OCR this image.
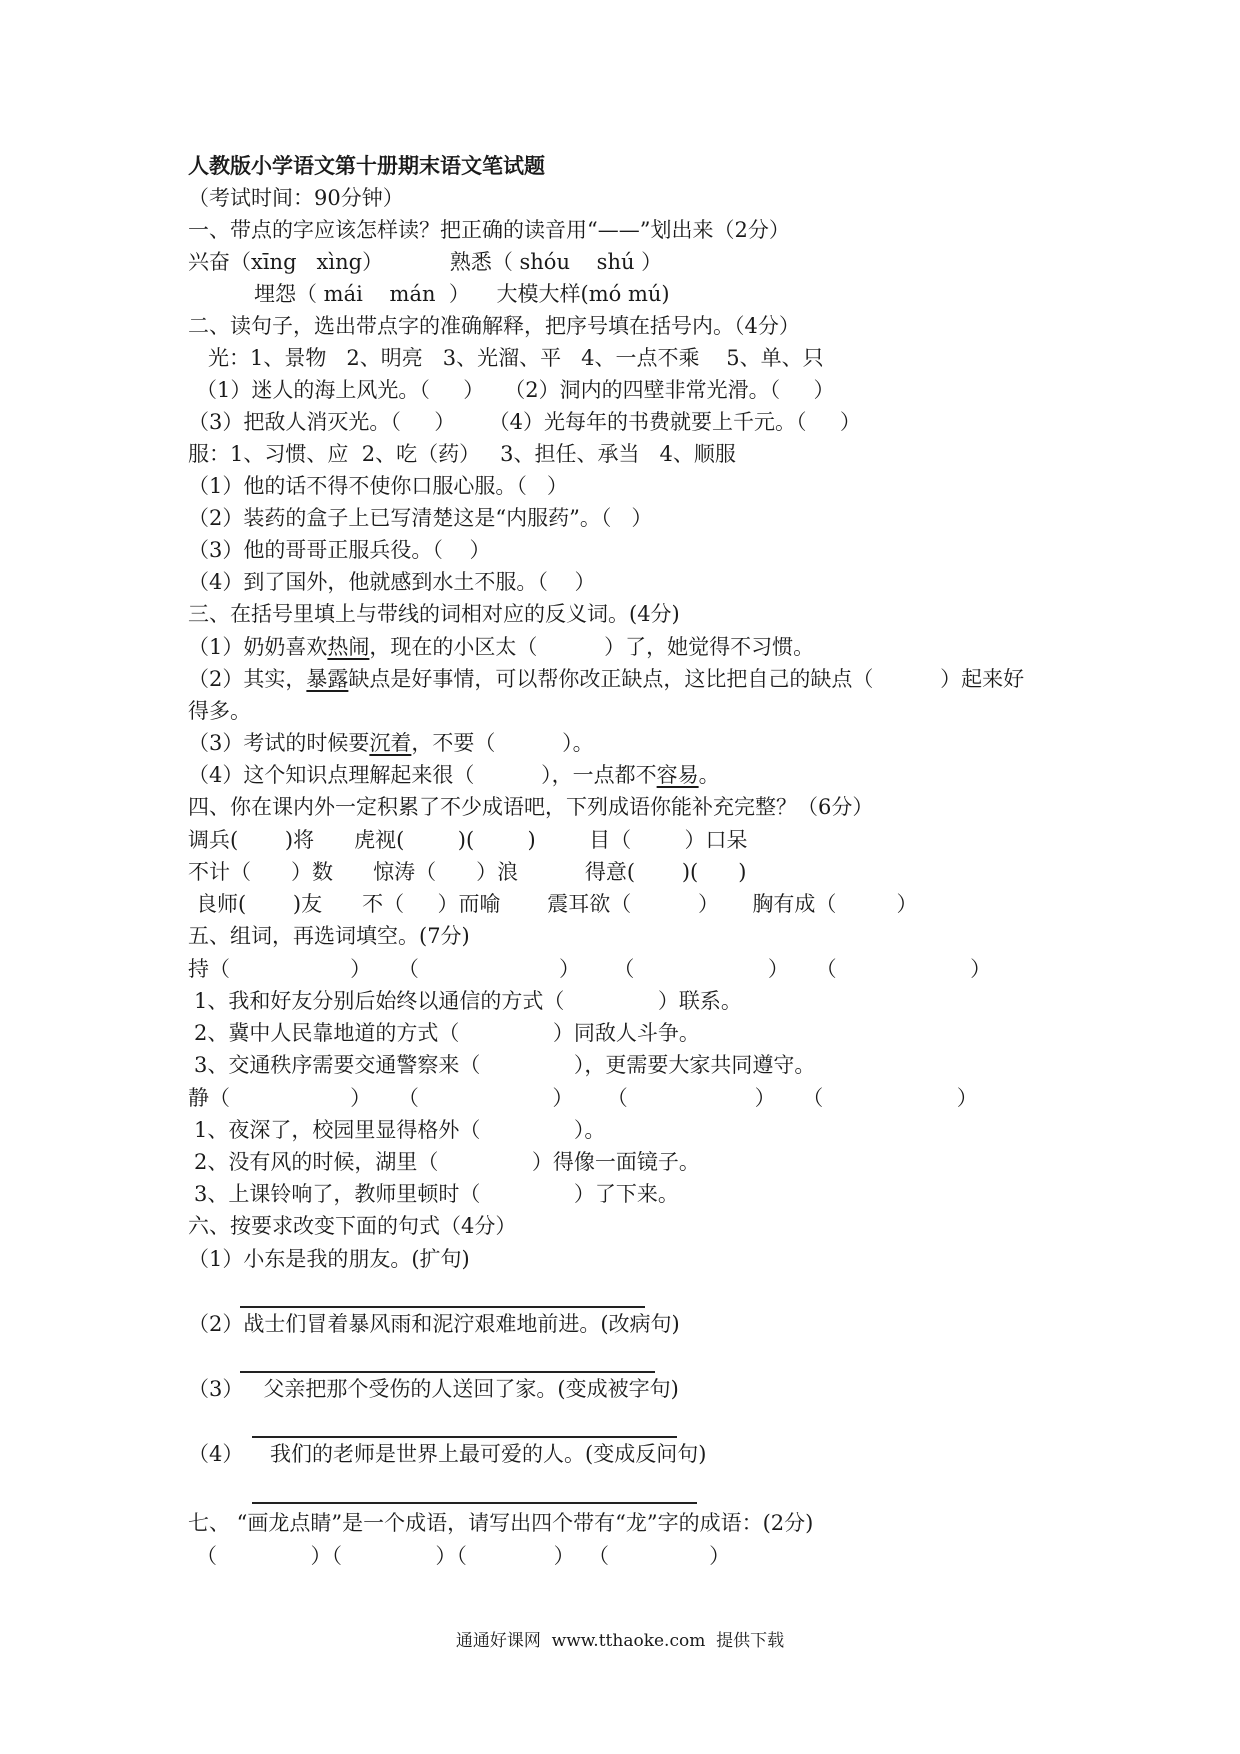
人教版小学语文第十册期末语文笔试题
（考试时间：90分钟）
一、带点的字应该怎样读？把正确的读音用“——”划出来（2分）
兴奋（xīng   xìng）          熟悉（ shóu    shú ）
埋怨（ mái    mán  ）    大模大样(mó mú)
二、读句子，选出带点字的准确解释，把序号填在括号内。（4分）
光：1、景物   2、明亮   3、光溜、平   4、一点不乘    5、单、只
（1）迷人的海上风光。（     ）   （2）洞内的四壁非常光滑。（     ）
（3）把敌人消灭光。（     ）     （4）光每年的书费就要上千元。（     ）
服：1、习惯、应  2、吃（药）   3、担任、承当   4、顺服
（1）他的话不得不使你口服心服。（   ）
（2）装药的盒子上已写清楚这是“内服药”。（   ）
（3）他的哥哥正服兵役。（    ）
（4）到了国外，他就感到水土不服。（    ）
三、在括号里填上与带线的词相对应的反义词。(4分)
（1）奶奶喜欢热闹，现在的小区太（          ）了，她觉得不习惯。
（2）其实，暴露缺点是好事情，可以帮你改正缺点，这比把自己的缺点（          ）起来好
得多。
（3）考试的时候要沉着，不要（          ）。
（4）这个知识点理解起来很（          ），一点都不容易。
四、你在课内外一定积累了不少成语吧，下列成语你能补充完整？（6分）
调兵(       )将      虎视(        )(        )        目（        ）口呆
不计（      ）数      惊涛（      ）浪          得意(       )(      )
良师(       )友      不（     ）而喻       震耳欲（          ）     胸有成（         ）
五、组词，再选词填空。(7分)
持（                  ）    （                     ）     （                    ）    （                    ）
1、我和好友分别后始终以通信的方式（              ）联系。
2、冀中人民靠地道的方式（              ）同敌人斗争。
3、交通秩序需要交通警察来（              ），更需要大家共同遵守。
静（                  ）    （                    ）     （                   ）    （                    ）
1、夜深了，校园里显得格外（              ）。
2、没有风的时候，湖里（              ）得像一面镜子。
3、上课铃响了，教师里顿时（              ）了下来。
六、按要求改变下面的句式（4分）
（1）小东是我的朋友。(扩句)
（2）战士们冒着暴风雨和泥泞艰难地前进。(改病句)
（3）   父亲把那个受伤的人送回了家。(变成被字句)
（4）    我们的老师是世界上最可爱的人。(变成反问句)
七、 “画龙点睛”是一个成语，请写出四个带有“龙”字的成语：(2分)
（              ）（              ）（             ）  （               ）
通通好课网  www.tthaoke.com  提供下载
